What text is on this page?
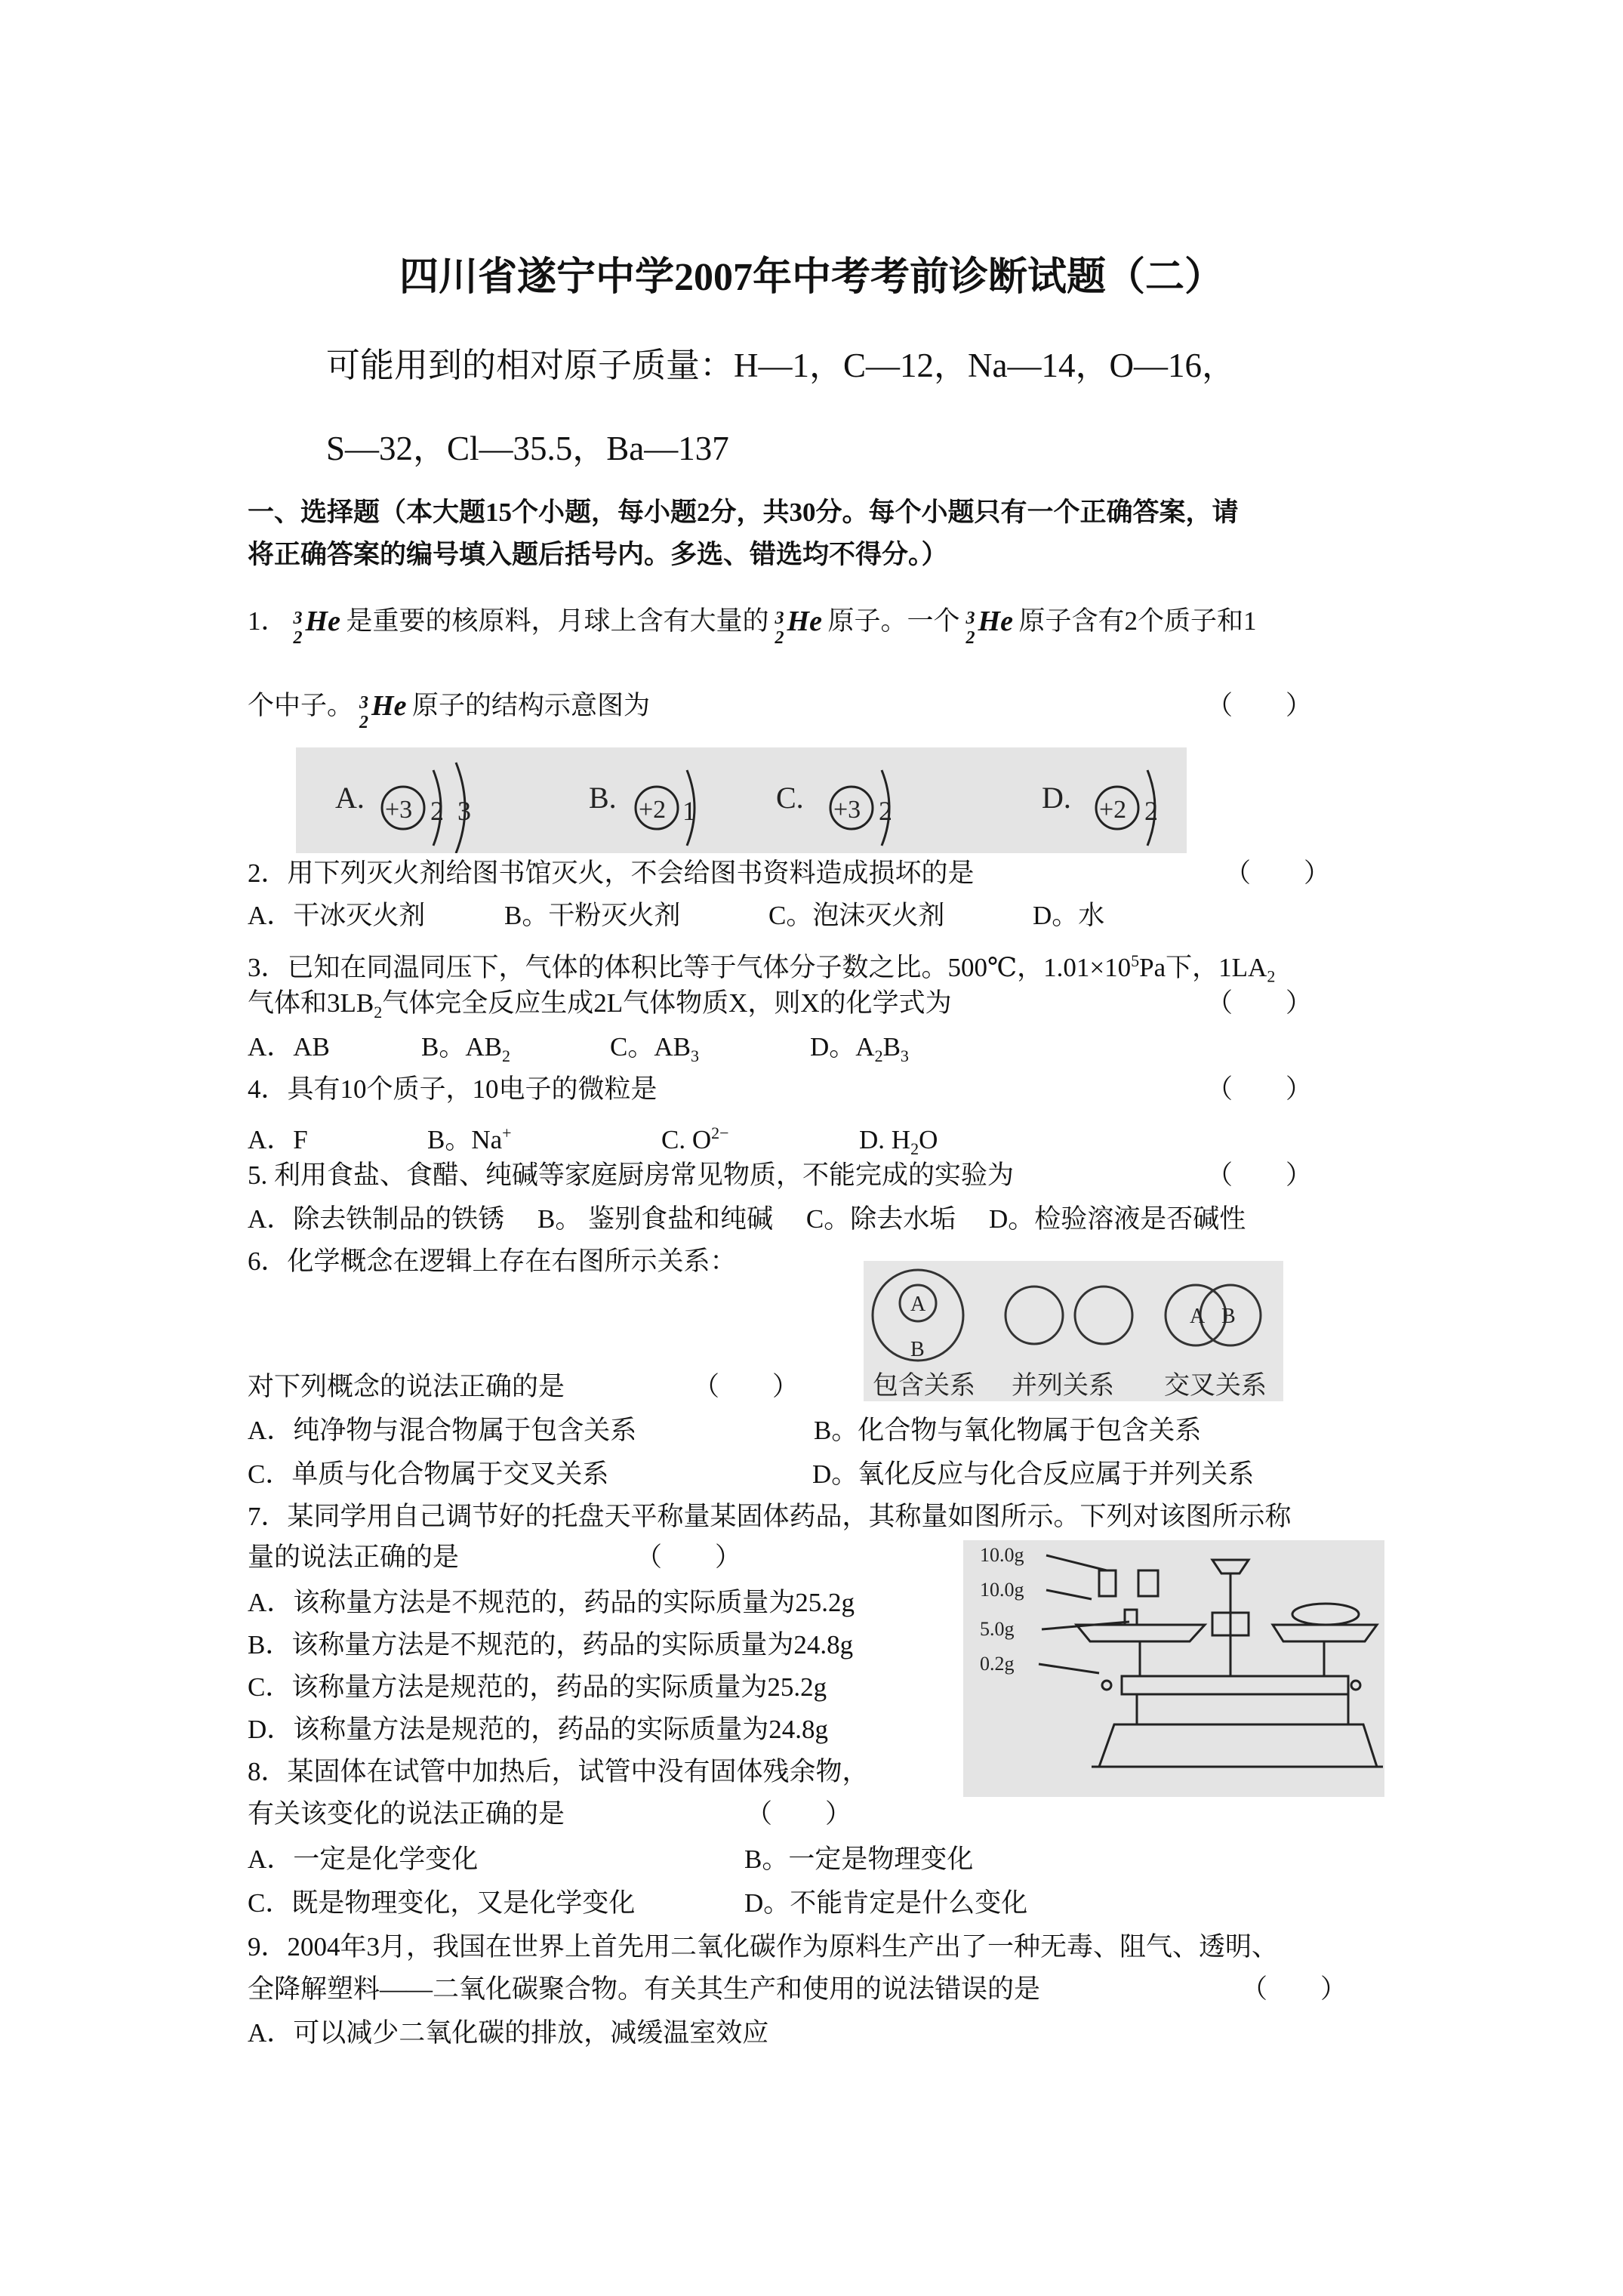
四川省遂宁中学2007年中考考前诊断试题（二）
可能用到的相对原子质量：H—1，C—12，Na—14，O—16，
S—32，Cl—35.5，Ba—137
一、选择题（本大题15个小题，每小题2分，共30分。每个小题只有一个正确答案，请
将正确答案的编号填入题后括号内。多选、错选均不得分。）
1． 3
2
He 是重要的核原料，月球上含有大量的 3
2
He 原子。一个 3
2
He 原子含有2个质子和1
个中子。 3
2
He 原子的结构示意图为	（　　）
A. +3 2 3	B. +2 1	C. +3 2	D. +2 2
2．用下列灭火剂给图书馆灭火，不会给图书资料造成损坏的是	（　　）
A．干冰灭火剂	B。干粉灭火剂	C。泡沫灭火剂	D。水
3．已知在同温同压下，气体的体积比等于气体分子数之比。500℃，$1.01\times 10^5Pa$下，$1LA_2$
气体和$3LB_2$气体完全反应生成2L气体物质X，则X的化学式为	（　　）
A．AB	B。$AB_2$	C。$AB_3$	D。$A_2B_3$
4．具有10个质子，10电子的微粒是	（　　）
A．F	B。Na+	C. $O^{2-}$	D. $H_2O$
5. 利用食盐、食醋、纯碱等家庭厨房常见物质，不能完成的实验为	（　　）
A．除去铁制品的铁锈　 B。 鉴别食盐和纯碱　 C。除去水垢　 D。检验溶液是否碱性
6．化学概念在逻辑上存在右图所示关系：
对下列概念的说法正确的是	（　　）
A
B
A B
包含关系 并列关系 交叉关系
A．纯净物与混合物属于包含关系	B。化合物与氧化物属于包含关系
C．单质与化合物属于交叉关系	D。氧化反应与化合反应属于并列关系
7．某同学用自己调节好的托盘天平称量某固体药品，其称量如图所示。下列对该图所示称
量的说法正确的是	（　　）
A．该称量方法是不规范的，药品的实际质量为25.2g
B．该称量方法是不规范的，药品的实际质量为24.8g
C．该称量方法是规范的，药品的实际质量为25.2g
D．该称量方法是规范的，药品的实际质量为24.8g
10.0g
10.0g
5.0g
0.2g
8．某固体在试管中加热后，试管中没有固体残余物，
有关该变化的说法正确的是	（　　）
A．一定是化学变化	B。一定是物理变化
C．既是物理变化，又是化学变化	D。不能肯定是什么变化
9．2004年3月，我国在世界上首先用二氧化碳作为原料生产出了一种无毒、阻气、透明、
全降解塑料——二氧化碳聚合物。有关其生产和使用的说法错误的是	（　　）
A．可以减少二氧化碳的排放，减缓温室效应
